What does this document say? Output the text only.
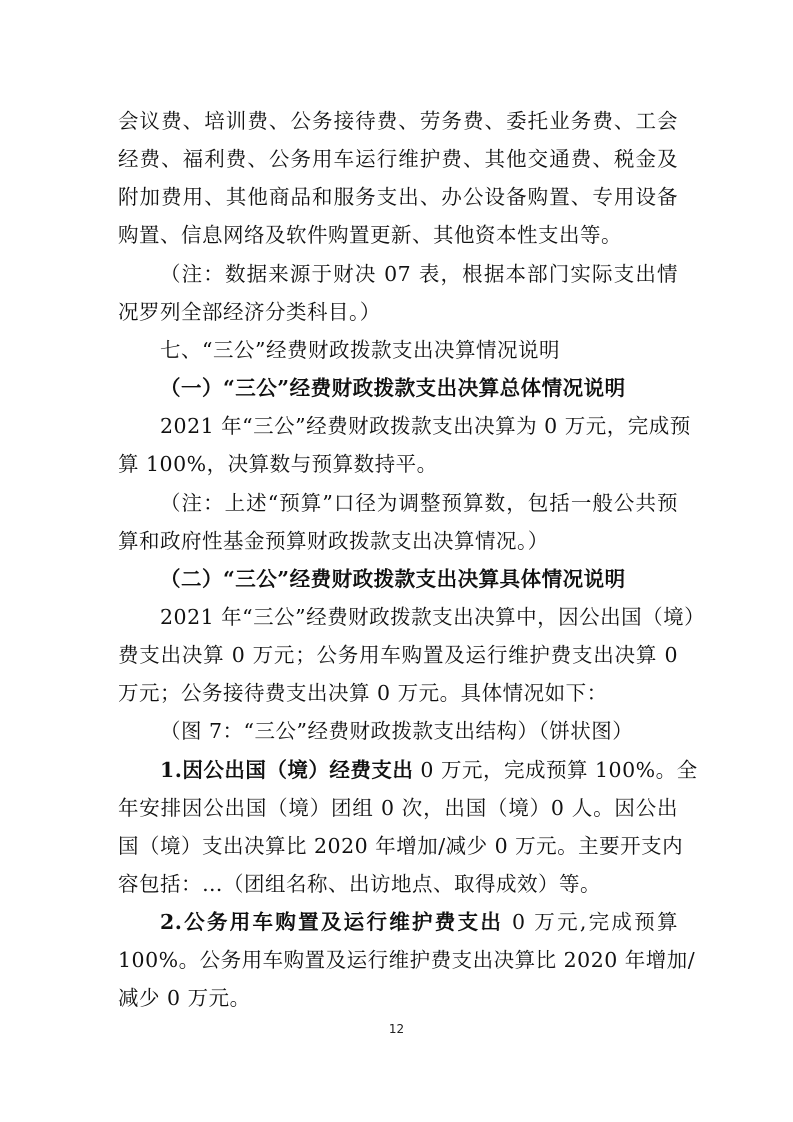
会议费、培训费、公务接待费、劳务费、委托业务费、工会
经费、福利费、公务用车运行维护费、其他交通费、税金及
附加费用、其他商品和服务支出、办公设备购置、专用设备
购置、信息网络及软件购置更新、其他资本性支出等。
（注：数据来源于财决 07 表，根据本部门实际支出情
况罗列全部经济分类科目。）
七、“三公”经费财政拨款支出决算情况说明
（一）“三公”经费财政拨款支出决算总体情况说明
2021 年“三公”经费财政拨款支出决算为 0 万元，完成预
算 100%，决算数与预算数持平。
（注：上述“预算”口径为调整预算数，包括一般公共预
算和政府性基金预算财政拨款支出决算情况。）
（二）“三公”经费财政拨款支出决算具体情况说明
2021 年“三公”经费财政拨款支出决算中，因公出国（境）
费支出决算 0 万元；公务用车购置及运行维护费支出决算 0
万元；公务接待费支出决算 0 万元。具体情况如下：
（图 7：“三公”经费财政拨款支出结构）（饼状图）
1.因公出国（境）经费支出 0 万元，完成预算 100%。全
年安排因公出国（境）团组 0 次，出国（境）0 人。因公出
国（境）支出决算比 2020 年增加/减少 0 万元。主要开支内
容包括：…（团组名称、出访地点、取得成效）等。
2.公务用车购置及运行维护费支出 0 万元,完成预算
100%。公务用车购置及运行维护费支出决算比 2020 年增加/
减少 0 万元。
12
